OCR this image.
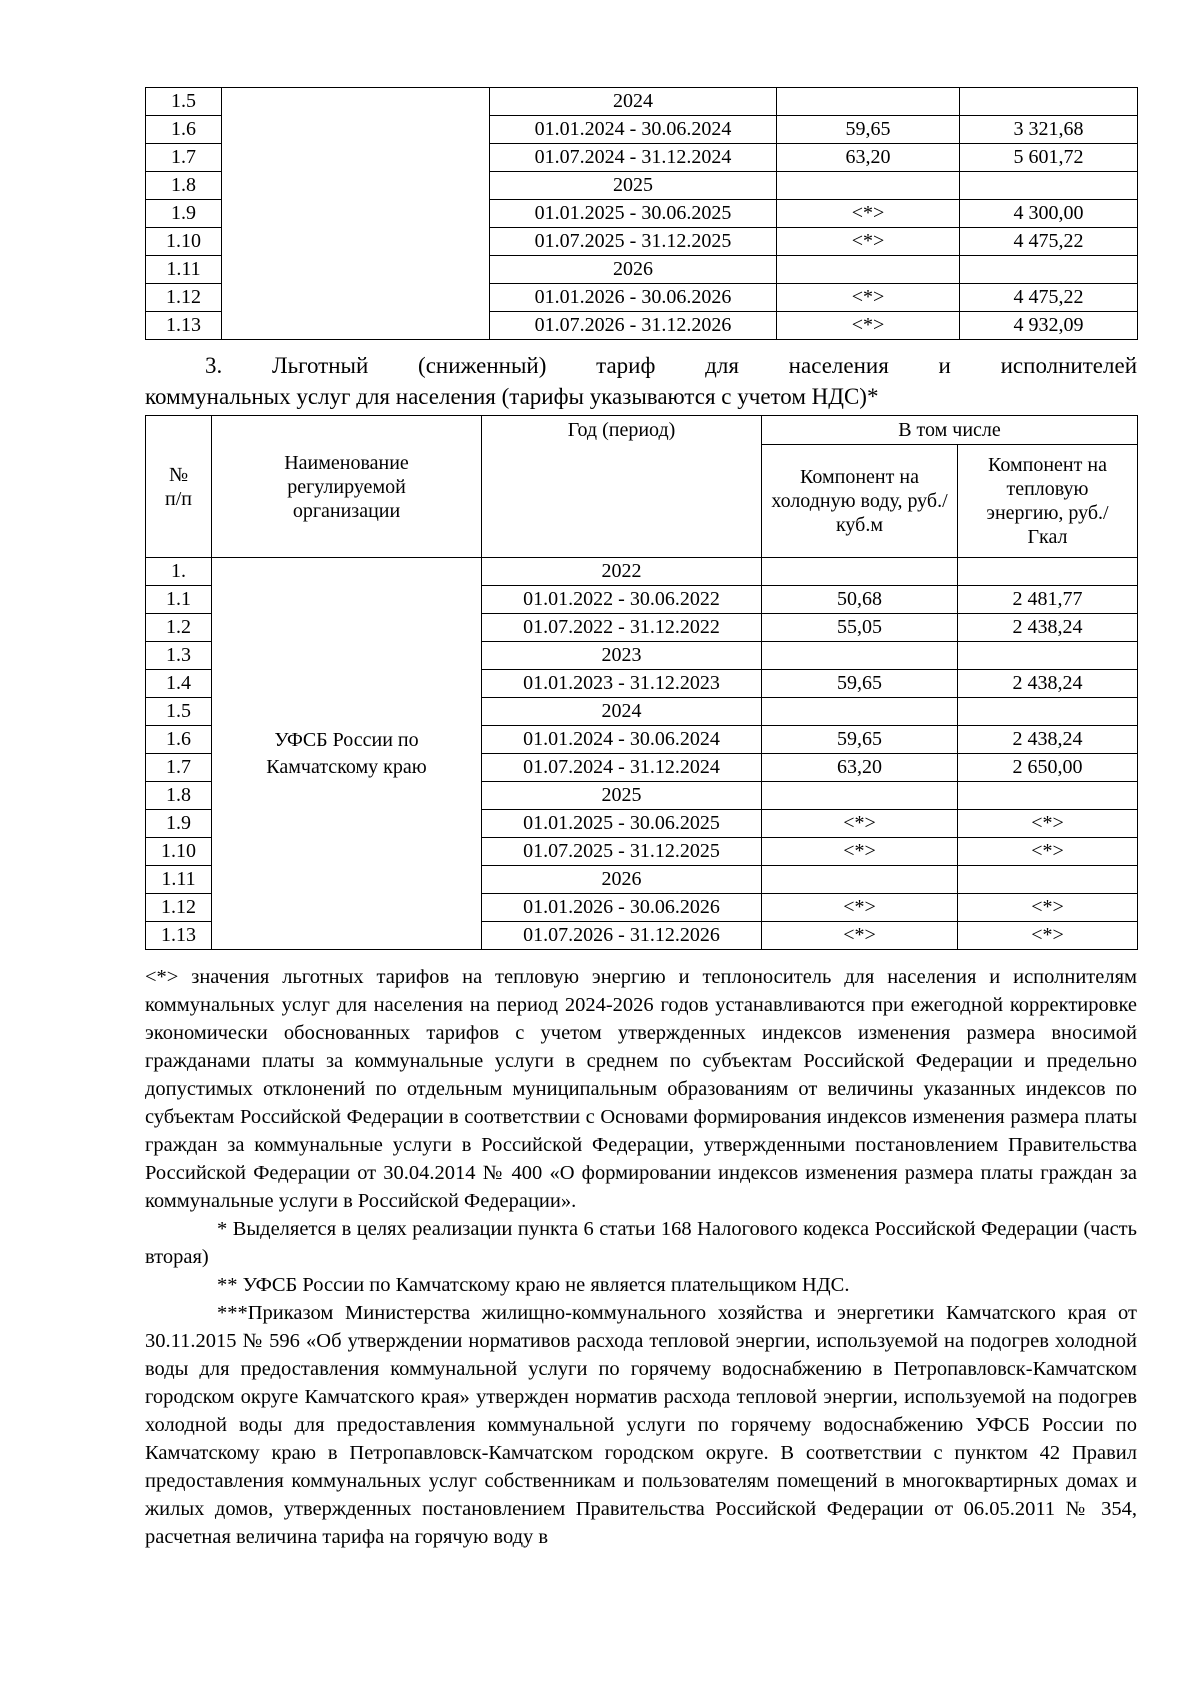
1.5		2024		
1.6		01.01.2024 - 30.06.2024	59,65	3 321,68
1.7		01.07.2024 - 31.12.2024	63,20	5 601,72
1.8		2025		
1.9		01.01.2025 - 30.06.2025	<*>	4 300,00
1.10		01.07.2025 - 31.12.2025	<*>	4 475,22
1.11		2026		
1.12		01.01.2026 - 30.06.2026	<*>	4 475,22
1.13		01.07.2026 - 31.12.2026	<*>	4 932,09
3. Льготный (сниженный) тариф для населения и исполнителей
коммунальных услуг для населения (тарифы указываются с учетом НДС)*
№ п/п	Наименование регулируемой организации	Год (период)	В том числе	
			Компонент на холодную воду, руб./куб.м	Компонент на тепловую энергию, руб./Гкал
1.	УФСБ России по Камчатскому краю	2022		
1.1		01.01.2022 - 30.06.2022	50,68	2 481,77
1.2		01.07.2022 - 31.12.2022	55,05	2 438,24
1.3		2023		
1.4		01.01.2023 - 31.12.2023	59,65	2 438,24
1.5		2024		
1.6		01.01.2024 - 30.06.2024	59,65	2 438,24
1.7		01.07.2024 - 31.12.2024	63,20	2 650,00
1.8		2025		
1.9		01.01.2025 - 30.06.2025	<*>	<*>
1.10		01.07.2025 - 31.12.2025	<*>	<*>
1.11		2026		
1.12		01.01.2026 - 30.06.2026	<*>	<*>
1.13		01.07.2026 - 31.12.2026	<*>	<*>

<*> значения льготных тарифов на тепловую энергию и теплоноситель для населения и исполнителям коммунальных услуг для населения на период 2024-2026 годов устанавливаются при ежегодной корректировке экономически обоснованных тарифов с учетом утвержденных индексов изменения размера вносимой гражданами платы за коммунальные услуги в среднем по субъектам Российской Федерации и предельно допустимых отклонений по отдельным муниципальным образованиям от величины указанных индексов по субъектам Российской Федерации в соответствии с Основами формирования индексов изменения размера платы граждан за коммунальные услуги в Российской Федерации, утвержденными постановлением Правительства Российской Федерации от 30.04.2014 № 400 «О формировании индексов изменения размера платы граждан за коммунальные услуги в Российской Федерации».

* Выделяется в целях реализации пункта 6 статьи 168 Налогового кодекса Российской Федерации (часть вторая)

** УФСБ России по Камчатскому краю не является плательщиком НДС.

***Приказом Министерства жилищно-коммунального хозяйства и энергетики Камчатского края от 30.11.2015 № 596 «Об утверждении нормативов расхода тепловой энергии, используемой на подогрев холодной воды для предоставления коммунальной услуги по горячему водоснабжению в Петропавловск-Камчатском городском округе Камчатского края» утвержден норматив расхода тепловой энергии, используемой на подогрев холодной воды для предоставления коммунальной услуги по горячему водоснабжению УФСБ России по Камчатскому краю в Петропавловск-Камчатском городском округе. В соответствии с пунктом 42 Правил предоставления коммунальных услуг собственникам и пользователям помещений в многоквартирных домах и жилых домов, утвержденных постановлением Правительства Российской Федерации от 06.05.2011 № 354, расчетная величина тарифа на горячую воду в
